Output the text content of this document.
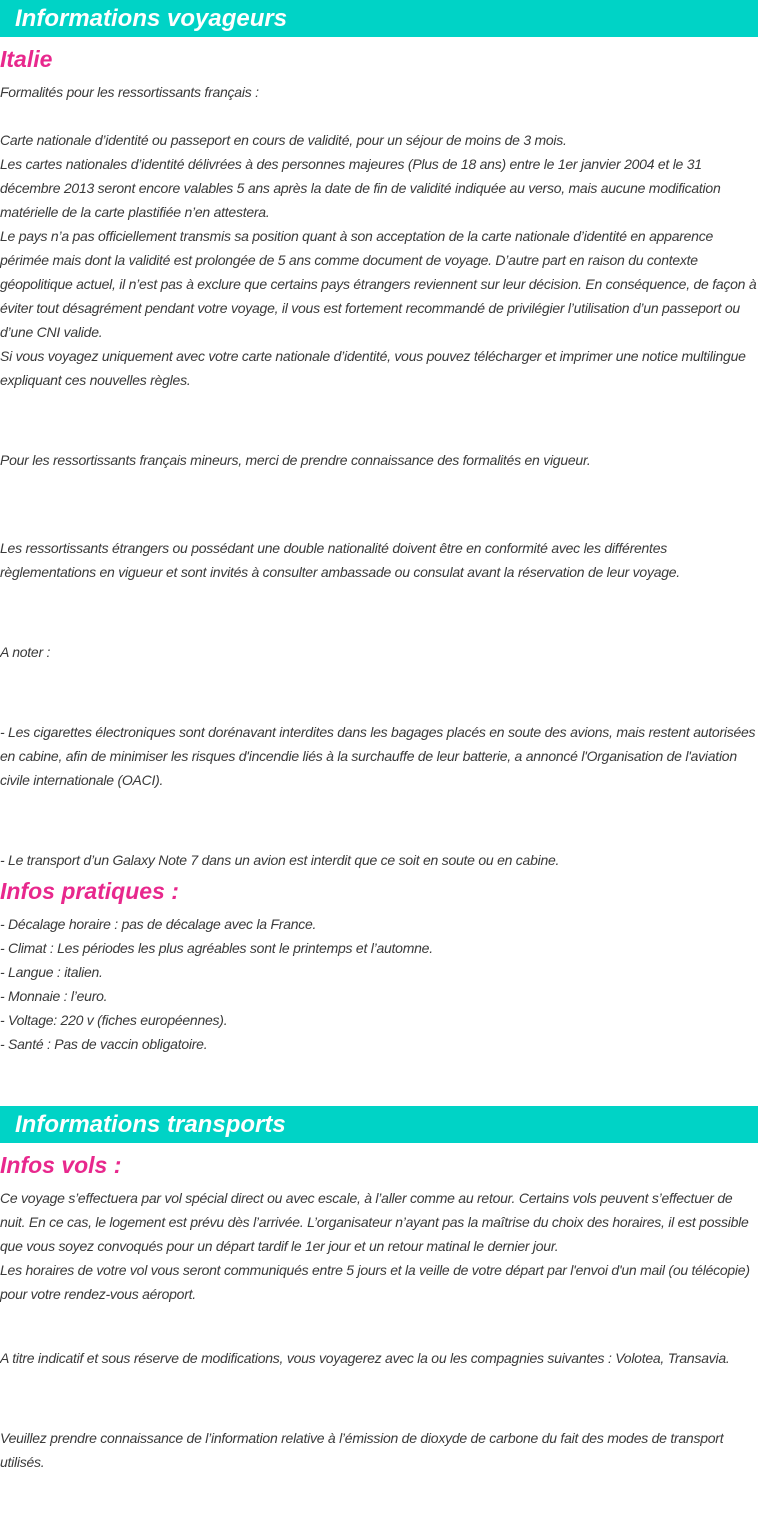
Informations voyageurs
Italie

Formalités pour les ressortissants français :

Carte nationale d’identité ou passeport en cours de validité, pour un séjour de moins de 3 mois.
Les cartes nationales d’identité délivrées à des personnes majeures (Plus de 18 ans) entre le 1er janvier 2004 et le 31 décembre 2013 seront encore valables 5 ans après la date de fin de validité indiquée au verso, mais aucune modification matérielle de la carte plastifiée n’en attestera.
Le pays n’a pas officiellement transmis sa position quant à son acceptation de la carte nationale d’identité en apparence périmée mais dont la validité est prolongée de 5 ans comme document de voyage. D’autre part en raison du contexte géopolitique actuel, il n’est pas à exclure que certains pays étrangers reviennent sur leur décision. En conséquence, de façon à éviter tout désagrément pendant votre voyage, il vous est fortement recommandé de privilégier l’utilisation d’un passeport ou d’une CNI valide.
Si vous voyagez uniquement avec votre carte nationale d’identité, vous pouvez télécharger et imprimer une notice multilingue expliquant ces nouvelles règles.

Pour les ressortissants français mineurs, merci de prendre connaissance des formalités en vigueur.

Les ressortissants étrangers ou possédant une double nationalité doivent être en conformité avec les différentes règlementations en vigueur et sont invités à consulter ambassade ou consulat avant la réservation de leur voyage.

A noter :

- Les cigarettes électroniques sont dorénavant interdites dans les bagages placés en soute des avions, mais restent autorisées en cabine, afin de minimiser les risques d'incendie liés à la surchauffe de leur batterie, a annoncé l'Organisation de l'aviation civile internationale (OACI).

- Le transport d’un Galaxy Note 7 dans un avion est interdit que ce soit en soute ou en cabine.

Infos pratiques :
- Décalage horaire : pas de décalage avec la France.
- Climat : Les périodes les plus agréables sont le printemps et l’automne.
- Langue : italien.
- Monnaie : l’euro.
- Voltage: 220 v (fiches européennes).
- Santé : Pas de vaccin obligatoire.
Informations transports
Infos vols :

Ce voyage s’effectuera par vol spécial direct ou avec escale, à l’aller comme au retour. Certains vols peuvent s’effectuer de nuit. En ce cas, le logement est prévu dès l’arrivée. L’organisateur n’ayant pas la maîtrise du choix des horaires, il est possible que vous soyez convoqués pour un départ tardif le 1er jour et un retour matinal le dernier jour.
Les horaires de votre vol vous seront communiqués entre 5 jours et la veille de votre départ par l'envoi d'un mail (ou télécopie) pour votre rendez-vous aéroport.

A titre indicatif et sous réserve de modifications, vous voyagerez avec la ou les compagnies suivantes : Volotea, Transavia.

Veuillez prendre connaissance de l’information relative à l’émission de dioxyde de carbone du fait des modes de transport utilisés.
